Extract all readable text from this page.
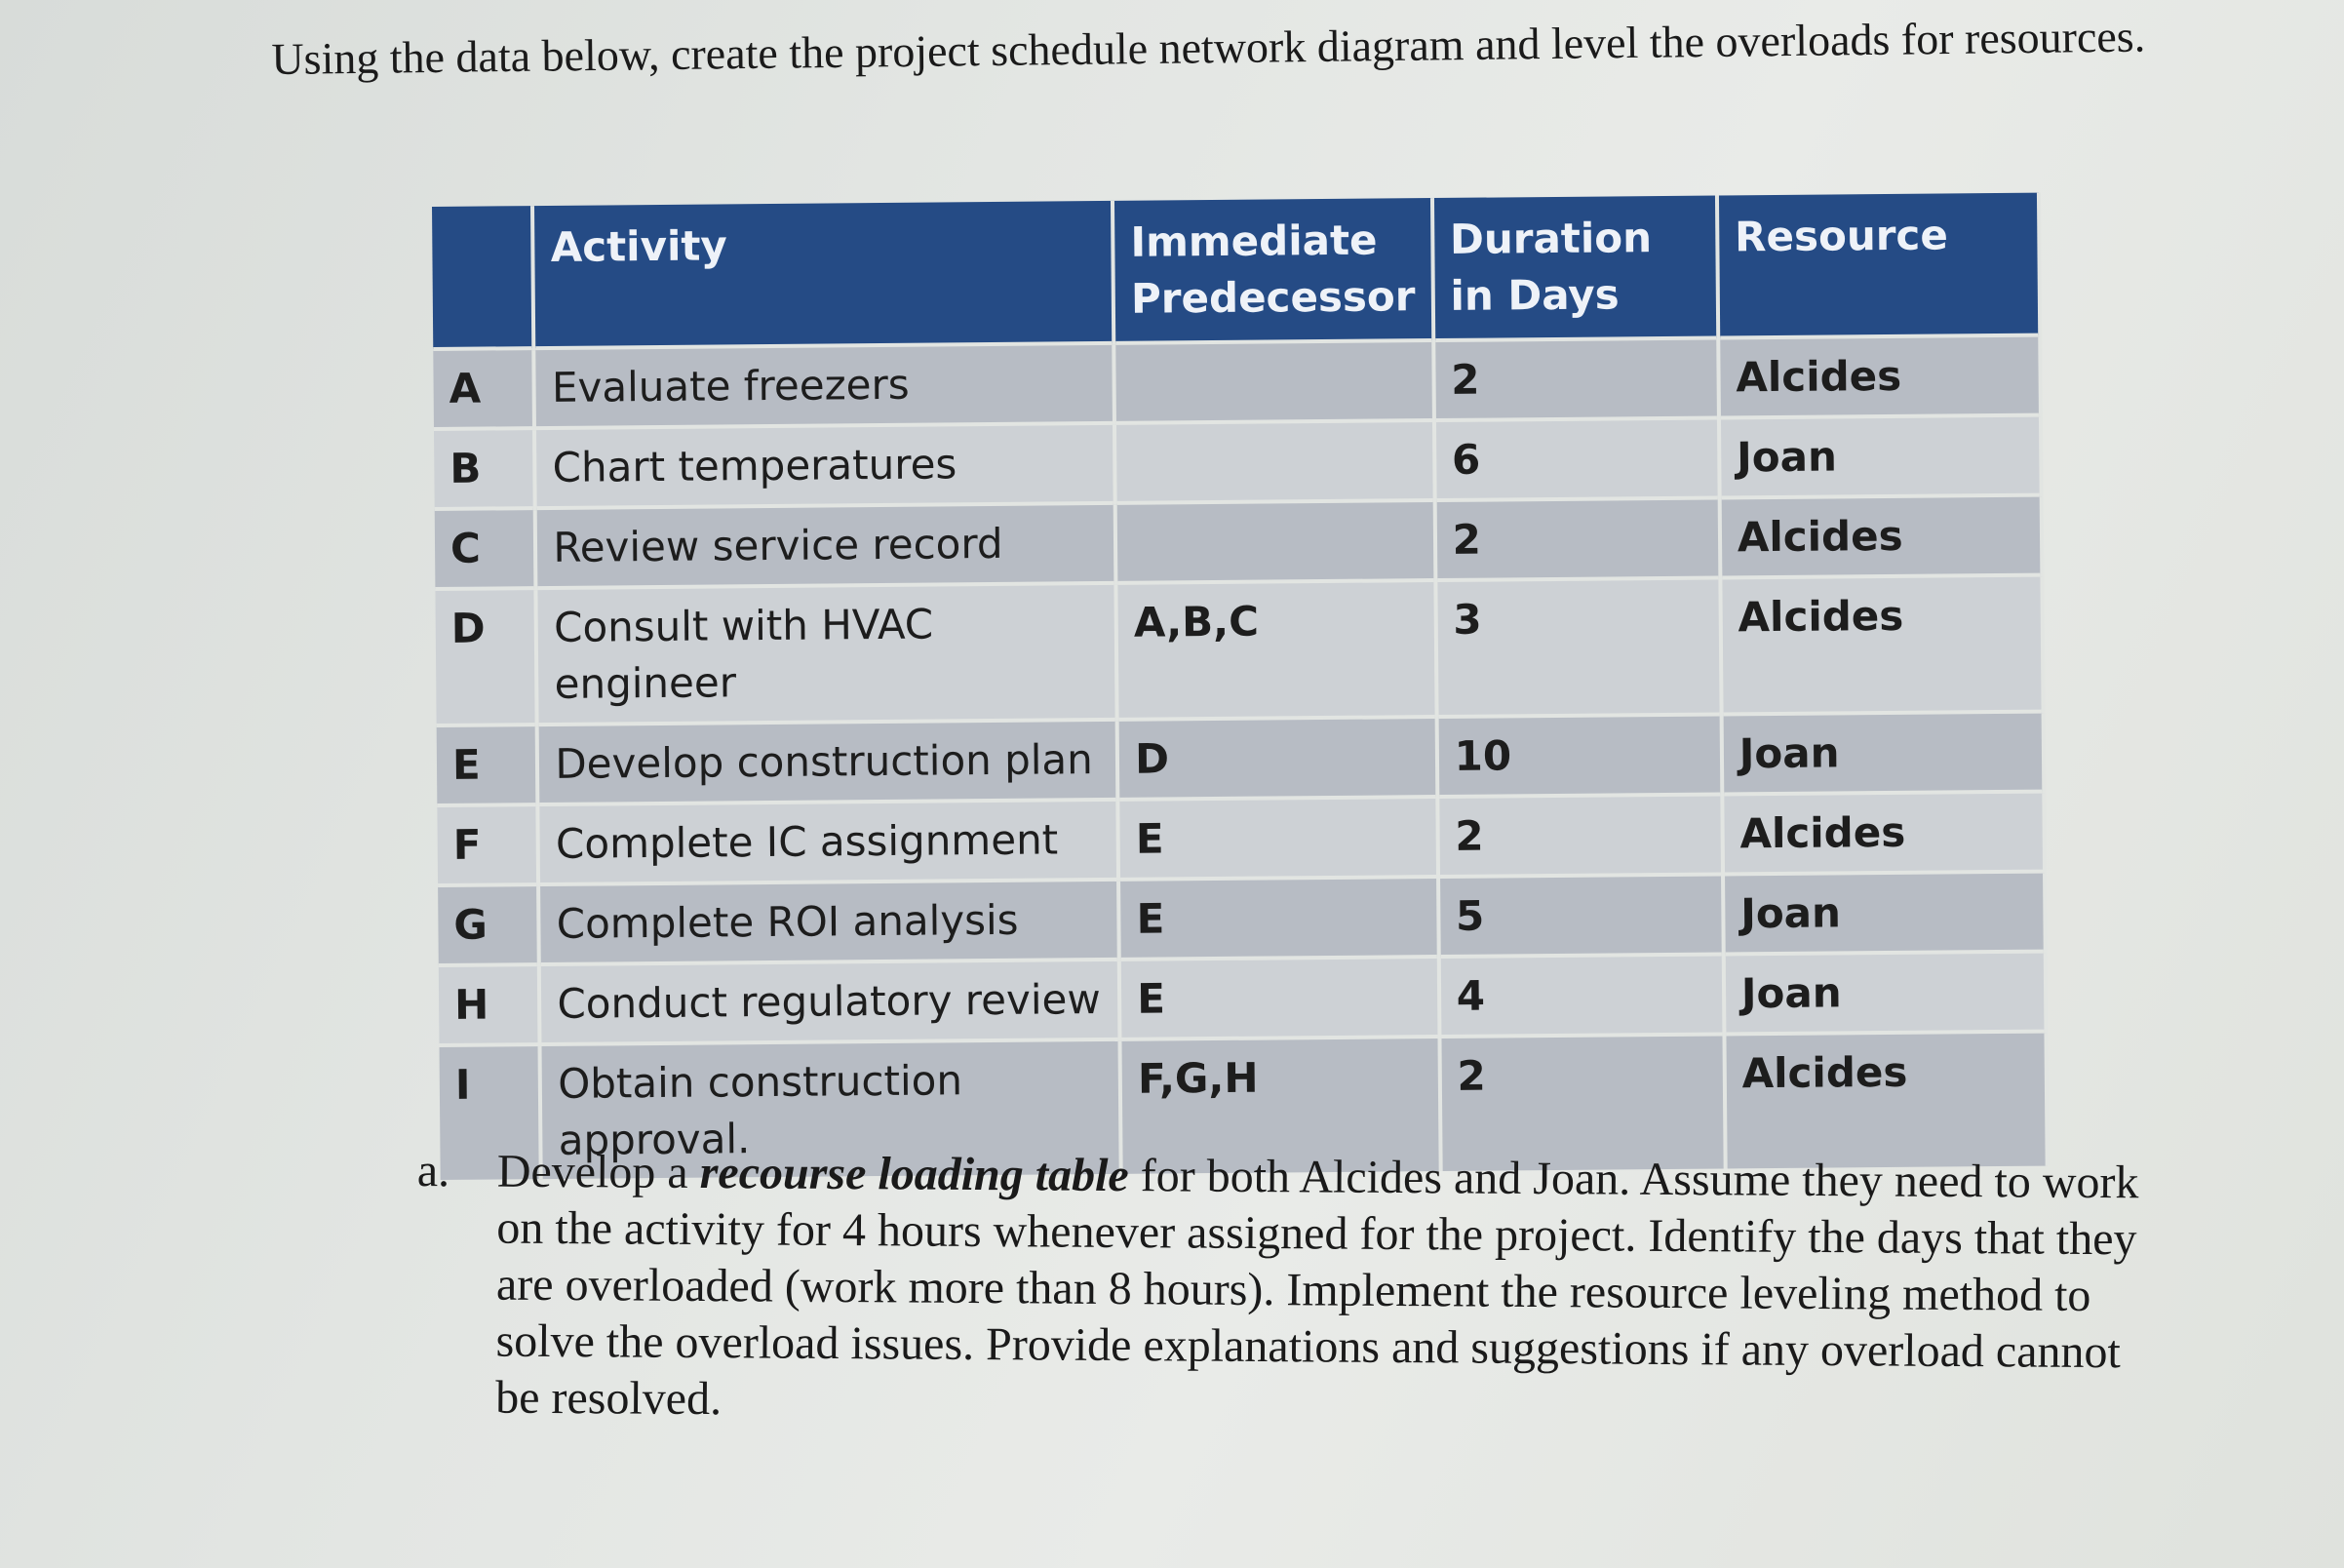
Using the data below, create the project schedule network diagram and level the overloads for resources.
	Activity	Immediate Predecessor	Duration in Days	Resource
A	Evaluate freezers		2	Alcides
B	Chart temperatures		6	Joan
C	Review service record		2	Alcides
D	Consult with HVAC engineer	A,B,C	3	Alcides
E	Develop construction plan	D	10	Joan
F	Complete IC assignment	E	2	Alcides
G	Complete ROI analysis	E	5	Joan
H	Conduct regulatory review	E	4	Joan
I	Obtain construction approval.	F,G,H	2	Alcides
a.	Develop a recourse loading table for both Alcides and Joan. Assume they need to work on the activity for 4 hours whenever assigned for the project. Identify the days that they are overloaded (work more than 8 hours). Implement the resource leveling method to solve the overload issues. Provide explanations and suggestions if any overload cannot be resolved.
